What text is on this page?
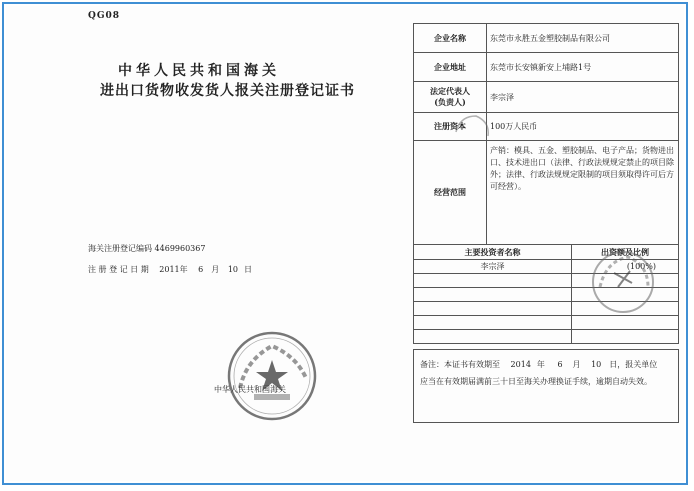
QG08
中华人民共和国海关
进出口货物收发货人报关注册登记证书
海关注册登记编码 4469960367
注 册 登 记 日 期 2011年 6 月 10 日
中华人民共和国海关
企业名称	东莞市永胜五金塑胶制品有限公司
企业地址	东莞市长安镇新安上埔路1号

法定代表人
(负责人)	李宗泽
注册资本	100万人民币
经营范围	产销：模具、五金、塑胶制品、电子产品；货物进出口、技术进出口（法律、行政法规规定禁止的项目除外；法律、行政法规规定限制的项目须取得许可后方可经营）。
主要投资者名称	出资额及比例
李宗泽	(100%)

备注：本证书有效期至 2014 年 6 月 10 日，报关单位
应当在有效期届满前三十日至海关办理换证手续，逾期自动失效。
